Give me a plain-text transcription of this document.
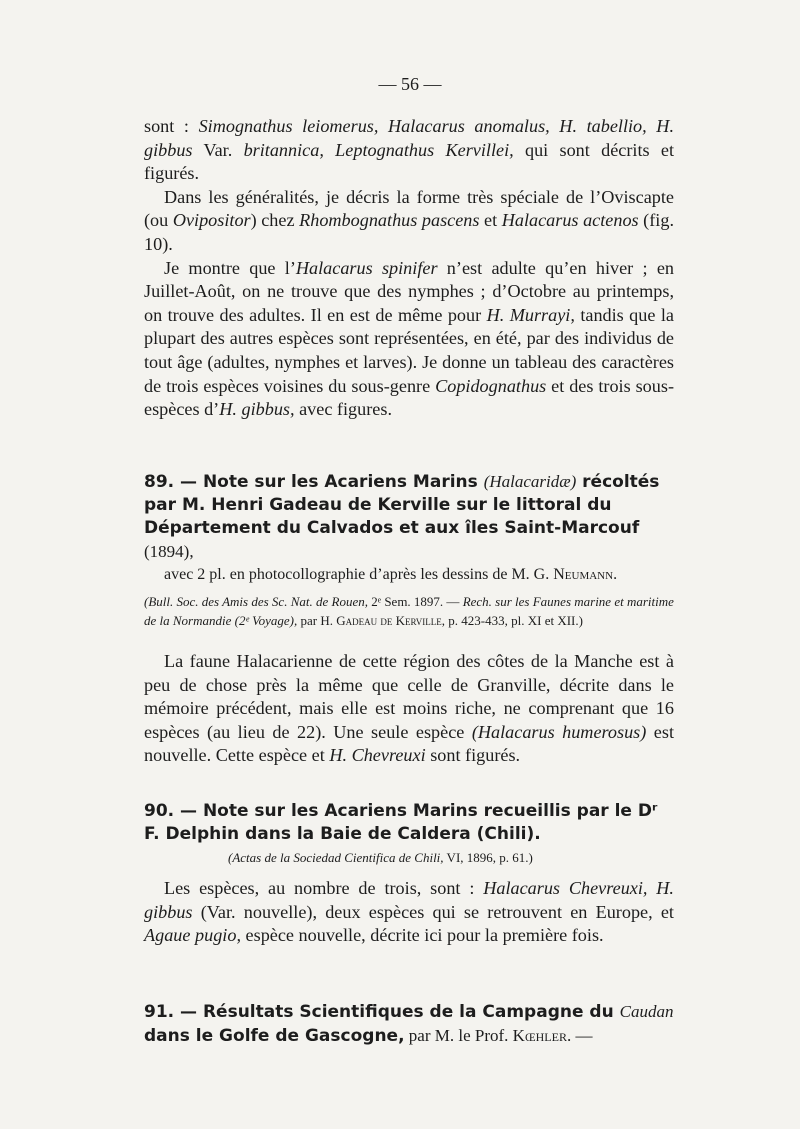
— 56 —

sont : Simognathus leiomerus, Halacarus anomalus, H. tabellio, H. gibbus Var. britannica, Leptognathus Kervillei, qui sont décrits et figurés.

Dans les généralités, je décris la forme très spéciale de l’Oviscapte (ou Ovipositor) chez Rhombognathus pascens et Halacarus actenos (fig. 10).

Je montre que l’Halacarus spinifer n’est adulte qu’en hiver ; en Juillet-Août, on ne trouve que des nymphes ; d’Octobre au printemps, on trouve des adultes. Il en est de même pour H. Murrayi, tandis que la plupart des autres espèces sont représentées, en été, par des individus de tout âge (adultes, nymphes et larves). Je donne un tableau des caractères de trois espèces voisines du sous-genre Copidognathus et des trois sous-espèces d’H. gibbus, avec figures.

89. — Note sur les Acariens Marins (Halacaridæ) récoltés par M. Henri Gadeau de Kerville sur le littoral du Département du Calvados et aux îles Saint-Marcouf (1894),

avec 2 pl. en photocollographie d’après les dessins de M. G. Neumann.

(Bull. Soc. des Amis des Sc. Nat. de Rouen, 2ᵉ Sem. 1897. — Rech. sur les Faunes marine et maritime de la Normandie (2ᵉ Voyage), par H. Gadeau de Kerville, p. 423-433, pl. XI et XII.)

La faune Halacarienne de cette région des côtes de la Manche est à peu de chose près la même que celle de Granville, décrite dans le mémoire précédent, mais elle est moins riche, ne comprenant que 16 espèces (au lieu de 22). Une seule espèce (Halacarus humerosus) est nouvelle. Cette espèce et H. Chevreuxi sont figurés.

90. — Note sur les Acariens Marins recueillis par le Dʳ F. Delphin dans la Baie de Caldera (Chili).

(Actas de la Sociedad Cientifica de Chili, VI, 1896, p. 61.)

Les espèces, au nombre de trois, sont : Halacarus Chevreuxi, H. gibbus (Var. nouvelle), deux espèces qui se retrouvent en Europe, et Agaue pugio, espèce nouvelle, décrite ici pour la première fois.

91. — Résultats Scientifiques de la Campagne du Caudan dans le Golfe de Gascogne, par M. le Prof. Kœhler. —
